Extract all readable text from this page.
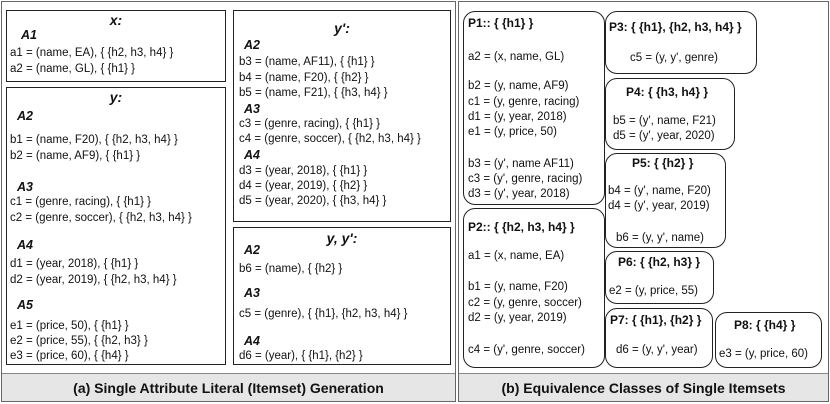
x:
A1
a1 = (name, EA), { {h2, h3, h4} }
a2 = (name, GL), { {h1} }
y:
A2
b1 = (name, F20), { {h2, h3, h4} }
b2 = (name, AF9), { {h1} }
A3
c1 = (genre, racing), { {h1} }
c2 = (genre, soccer), { {h2, h3, h4} }
A4
d1 = (year, 2018), { {h1} }
d2 = (year, 2019), { {h2, h3, h4} }
A5
e1 = (price, 50), { {h1} }
e2 = (price, 55), { {h2, h3} }
e3 = (price, 60), { {h4} }
y':
A2
b3 = (name, AF11), { {h1} }
b4 = (name, F20), { {h2} }
b5 = (name, F21), { {h3, h4} }
A3
c3 = (genre, racing), { {h1} }
c4 = (genre, soccer), { {h2, h3, h4} }
A4
d3 = (year, 2018), { {h1} }
d4 = (year, 2019), { {h2} }
d5 = (year, 2020), { {h3, h4} }
y, y':
A2
b6 = (name), { {h2} }
A3
c5 = (genre), { {h1}, {h2, h3, h4} }
A4
d6 = (year), { {h1}, {h2} }
(a) Single Attribute Literal (Itemset) Generation
P1:: { {h1} }
a2 = (x, name, GL)
b2 = (y, name, AF9)
c1 = (y, genre, racing)
d1 = (y, year, 2018)
e1 = (y, price, 50)
b3 = (y', name AF11)
c3 = (y', genre, racing)
d3 = (y', year, 2018)
P2:: { {h2, h3, h4} }
a1 = (x, name, EA)
b1 = (y, name, F20)
c2 = (y, genre, soccer)
d2 = (y, year, 2019)
c4 = (y', genre, soccer)
P3: { {h1}, {h2, h3, h4} }
c5 = (y, y', genre)
P4: { {h3, h4} }
b5 = (y', name, F21)
d5 = (y', year, 2020)
P5: { {h2} }
b4 = (y', name, F20)
d4 = (y', year, 2019)
b6 = (y, y', name)
P6: { {h2, h3} }
e2 = (y, price, 55)
P7: { {h1}, {h2} }
d6 = (y, y', year)
P8: { {h4} }
e3 = (y, price, 60)
(b) Equivalence Classes of Single Itemsets
